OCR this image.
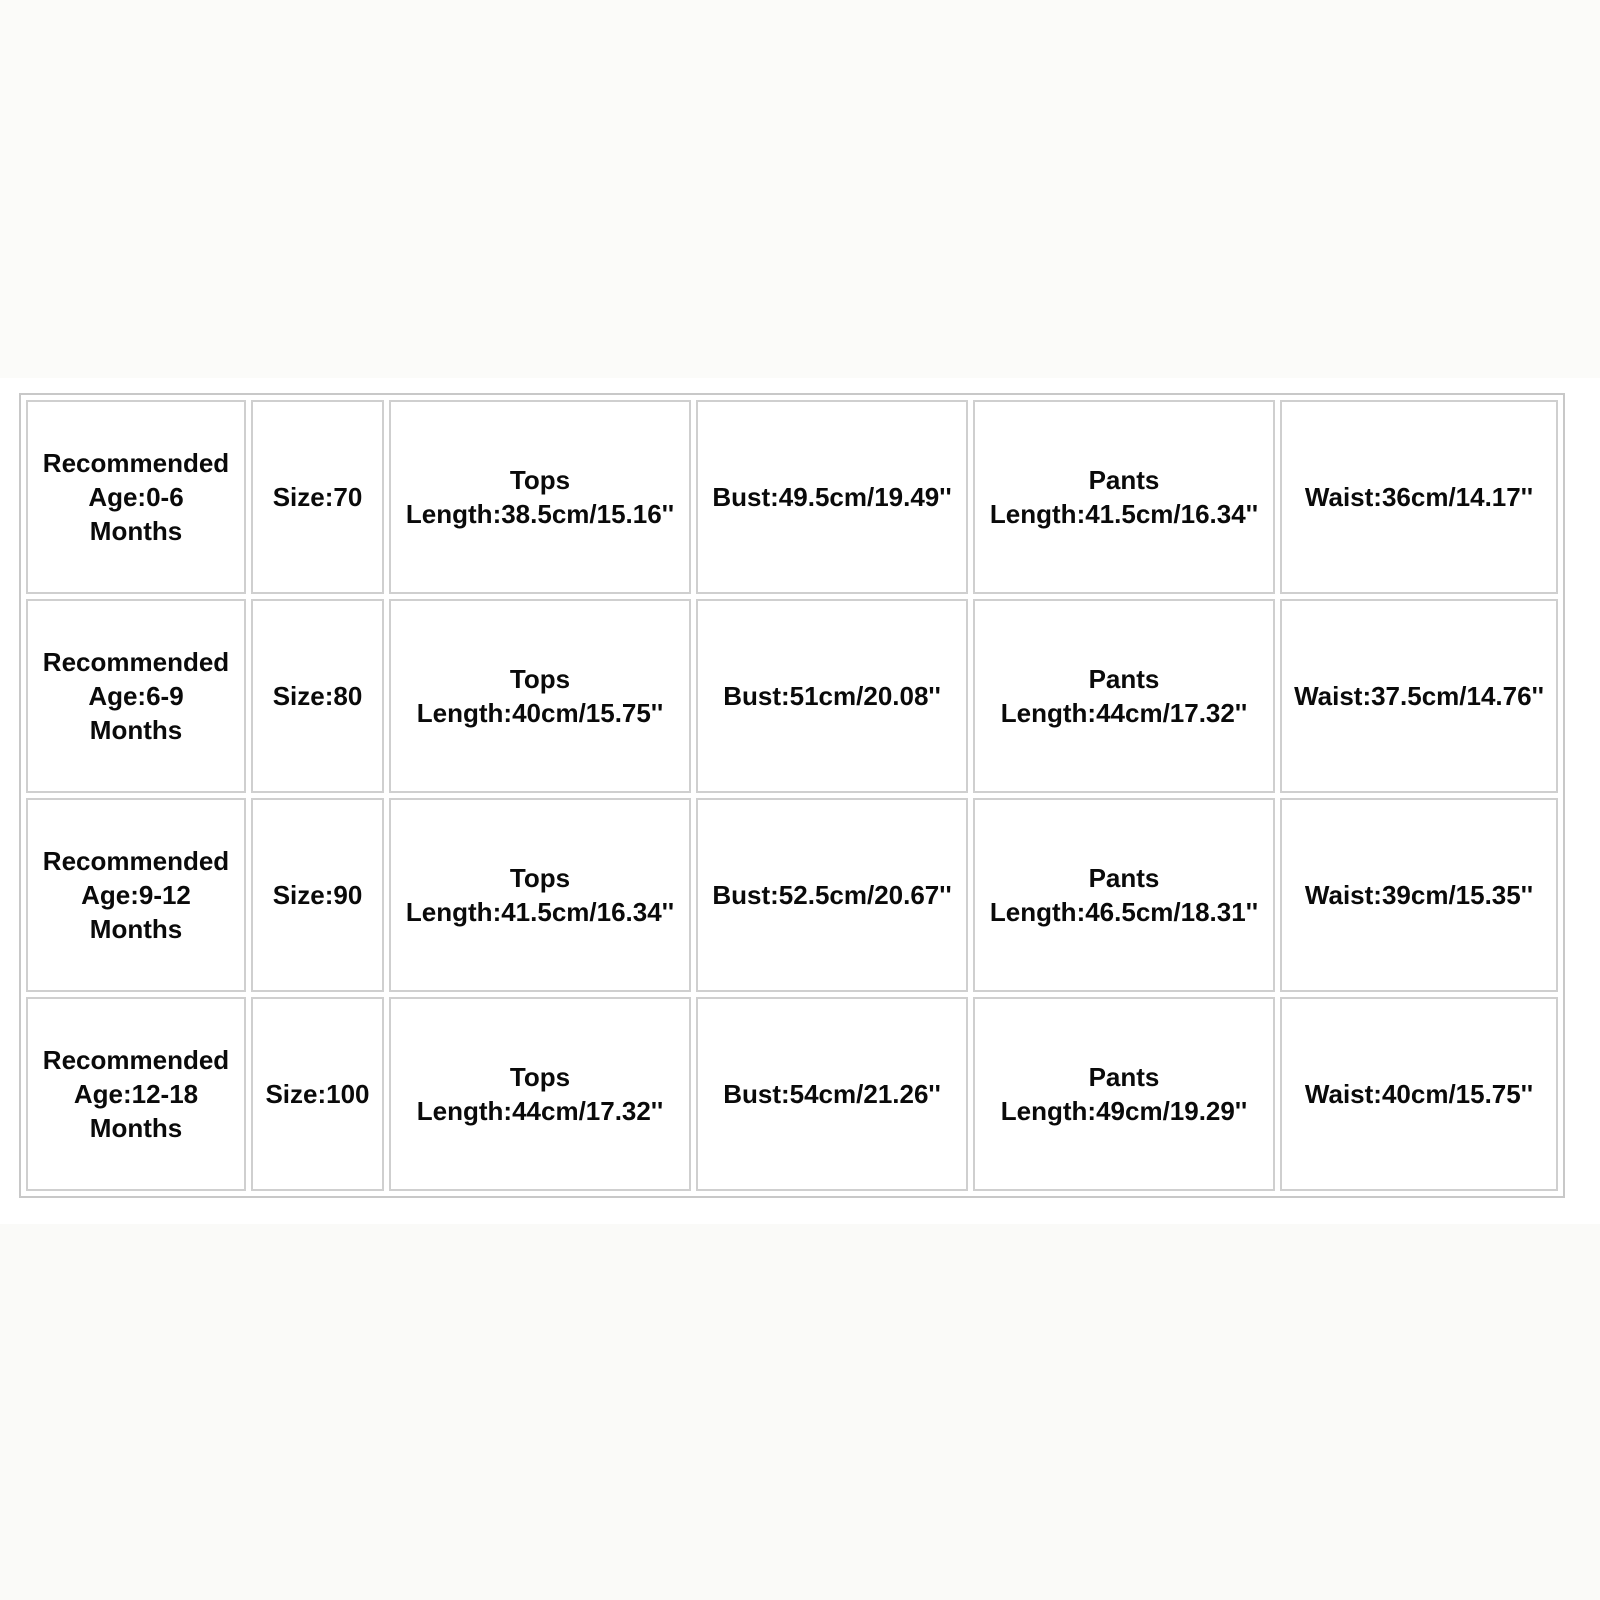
Recommended
Age:0-6
Months	Size:70	Tops
Length:38.5cm/15.16''	Bust:49.5cm/19.49''	Pants
Length:41.5cm/16.34''	Waist:36cm/14.17''
Recommended
Age:6-9
Months	Size:80	Tops
Length:40cm/15.75''	Bust:51cm/20.08''	Pants
Length:44cm/17.32''	Waist:37.5cm/14.76''
Recommended
Age:9-12
Months	Size:90	Tops
Length:41.5cm/16.34''	Bust:52.5cm/20.67''	Pants
Length:46.5cm/18.31''	Waist:39cm/15.35''
Recommended
Age:12-18
Months	Size:100	Tops
Length:44cm/17.32''	Bust:54cm/21.26''	Pants
Length:49cm/19.29''	Waist:40cm/15.75''
